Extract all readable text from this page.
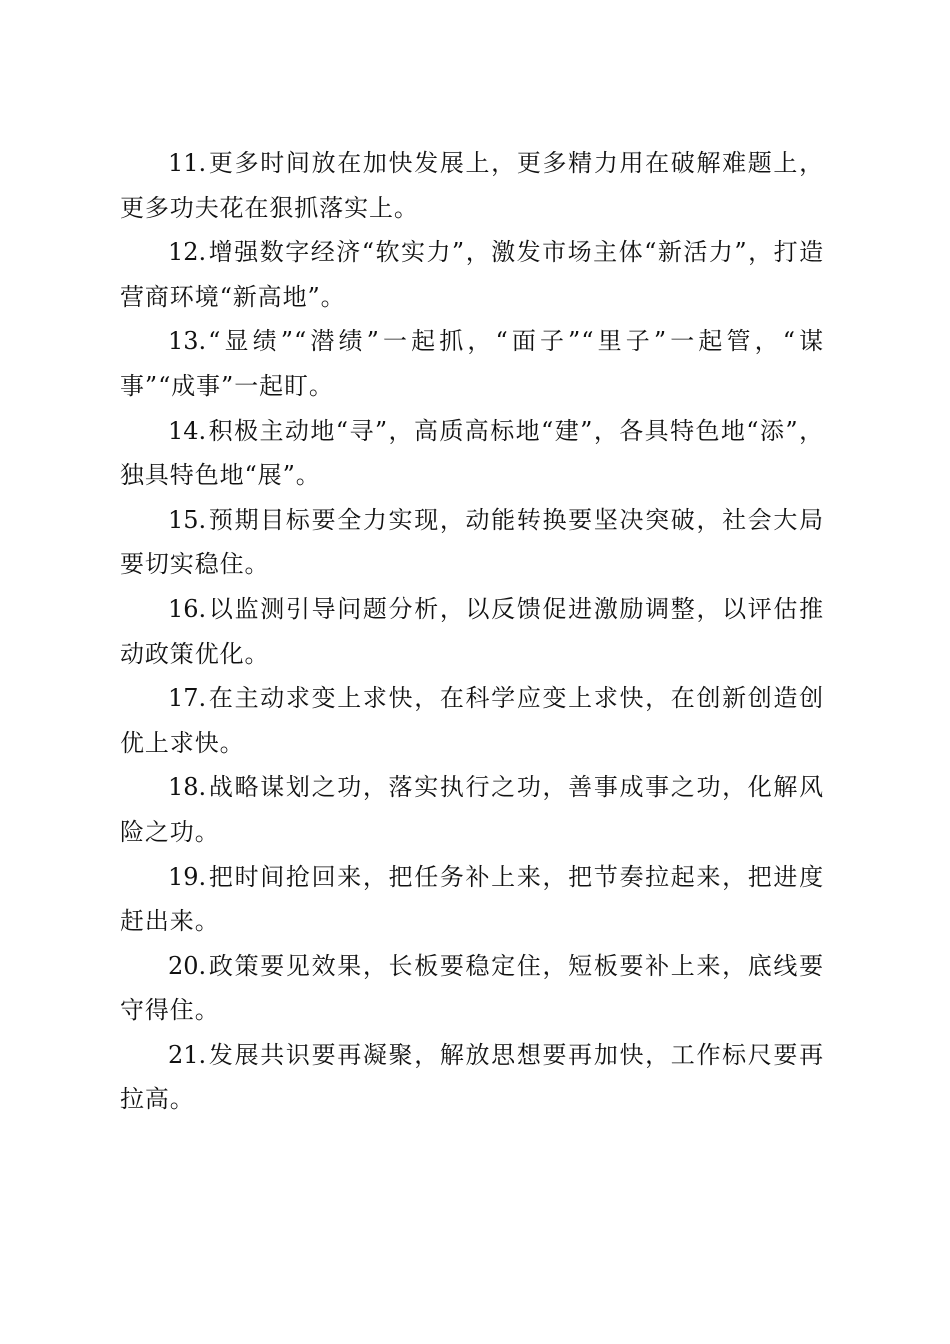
11.更多时间放在加快发展上，更多精力用在破解难题上，更多功夫花在狠抓落实上。

12.增强数字经济“软实力”，激发市场主体“新活力”，打造营商环境“新高地”。

13.“显绩”“潜绩”一起抓，“面子”“里子”一起管，“谋事”“成事”一起盯。

14.积极主动地“寻”，高质高标地“建”，各具特色地“添”，独具特色地“展”。

15.预期目标要全力实现，动能转换要坚决突破，社会大局要切实稳住。

16.以监测引导问题分析，以反馈促进激励调整，以评估推动政策优化。

17.在主动求变上求快，在科学应变上求快，在创新创造创优上求快。

18.战略谋划之功，落实执行之功，善事成事之功，化解风险之功。

19.把时间抢回来，把任务补上来，把节奏拉起来，把进度赶出来。

20.政策要见效果，长板要稳定住，短板要补上来，底线要守得住。

21.发展共识要再凝聚，解放思想要再加快，工作标尺要再拉高。
